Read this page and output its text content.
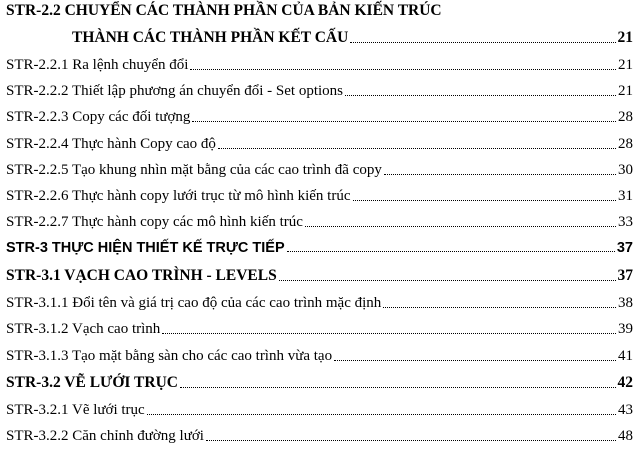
STR-2.2 CHUYỂN CÁC THÀNH PHẦN CỦA BẢN KIẾN TRÚC
THÀNH CÁC THÀNH PHẦN KẾT CẤU	21
STR-2.2.1 Ra lệnh chuyển đổi	21
STR-2.2.2 Thiết lập phương án chuyển đổi - Set options	21
STR-2.2.3 Copy các đối tượng	28
STR-2.2.4 Thực hành Copy cao độ	28
STR-2.2.5 Tạo khung nhìn mặt bằng của các cao trình đã copy	30
STR-2.2.6 Thực hành copy lưới trục từ mô hình kiến trúc	31
STR-2.2.7 Thực hành copy các mô hình kiến trúc	33
STR-3 THỰC HIỆN THIẾT KẾ TRỰC TIẾP	37
STR-3.1 VẠCH CAO TRÌNH - LEVELS	37
STR-3.1.1 Đổi tên và giá trị cao độ của các cao trình mặc định	38
STR-3.1.2 Vạch cao trình	39
STR-3.1.3 Tạo mặt bằng sàn cho các cao trình vừa tạo	41
STR-3.2 VẼ LƯỚI TRỤC	42
STR-3.2.1 Vẽ lưới trục	43
STR-3.2.2 Căn chỉnh đường lưới	48
